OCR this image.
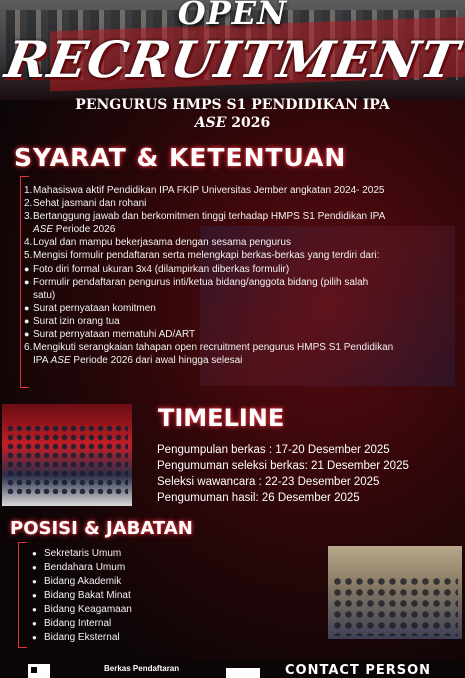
OPEN
RECRUITMENT
PENGURUS HMPS S1 PENDIDIKAN IPA
ASE 2026
SYARAT & KETENTUAN
1. Mahasiswa aktif Pendidikan IPA FKIP Universitas Jember angkatan 2024- 2025
2. Sehat jasmani dan rohani
3. Bertanggung jawab dan berkomitmen tinggi terhadap HMPS S1 Pendidikan IPA
ASE Periode 2026
4. Loyal dan mampu bekerjasama dengan sesama pengurus
5. Mengisi formulir pendaftaran serta melengkapi berkas-berkas yang terdiri dari:
● Foto diri formal ukuran 3x4 (dilampirkan diberkas formulir)
● Formulir pendaftaran pengurus inti/ketua bidang/anggota bidang (pilih salah
satu)
● Surat pernyataan komitmen
● Surat izin orang tua
● Surat pernyataan mematuhi AD/ART
6. Mengikuti serangkaian tahapan open recruitment pengurus HMPS S1 Pendidikan
IPA ASE Periode 2026 dari awal hingga selesai
TIMELINE
Pengumpulan berkas : 17-20 Desember 2025
Pengumuman seleksi berkas: 21 Desember 2025
Seleksi wawancara : 22-23 Desember 2025
Pengumuman hasil: 26 Desember 2025
POSISI & JABATAN
● Sekretaris Umum
● Bendahara Umum
● Bidang Akademik
● Bidang Bakat Minat
● Bidang Keagamaan
● Bidang Internal
● Bidang Eksternal
Berkas Pendaftaran	CONTACT PERSON
